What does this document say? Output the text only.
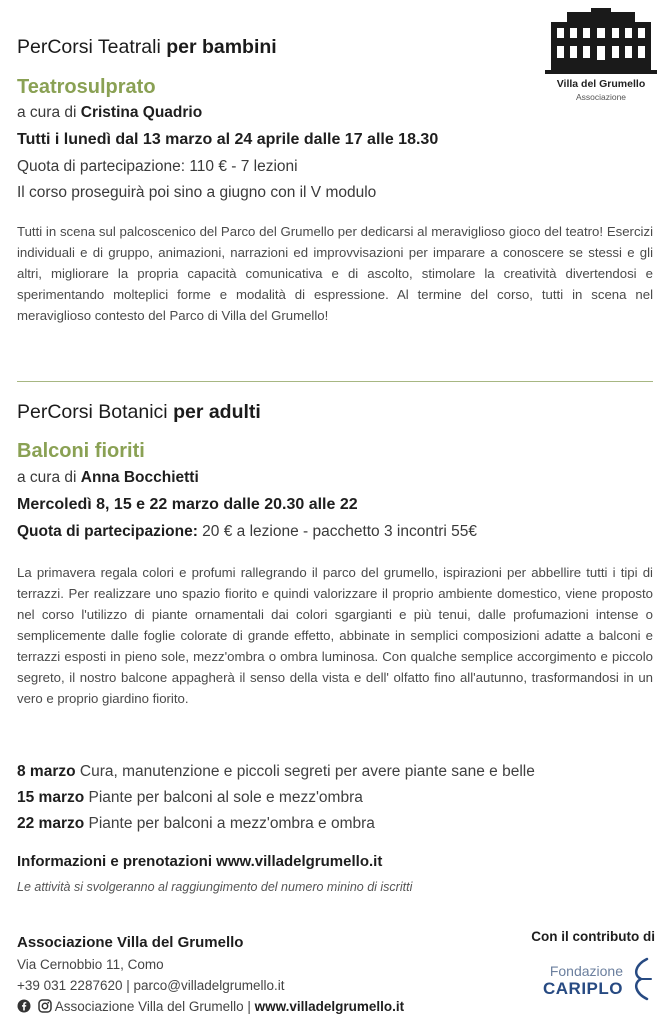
PerCorsi Teatrali per bambini
Villa del Grumello
Associazione
Teatrosulprato
a cura di Cristina Quadrio
Tutti i lunedì dal 13 marzo al 24 aprile dalle 17 alle 18.30
Quota di partecipazione: 110 € - 7 lezioni
Il corso proseguirà poi sino a giugno con il V modulo
Tutti in scena sul palcoscenico del Parco del Grumello per dedicarsi al meraviglioso gioco del teatro! Esercizi individuali e di gruppo, animazioni, narrazioni ed improvvisazioni per imparare a conoscere se stessi e gli altri, migliorare la propria capacità comunicativa e di ascolto, stimolare la creatività divertendosi e sperimentando molteplici forme e modalità di espressione. Al termine del corso, tutti in scena nel meraviglioso contesto del Parco di Villa del Grumello!
PerCorsi Botanici per adulti
Balconi fioriti
a cura di Anna Bocchietti
Mercoledì 8, 15 e 22 marzo dalle 20.30 alle 22
Quota di partecipazione: 20 € a lezione - pacchetto 3 incontri 55€
La primavera regala colori e profumi rallegrando il parco del grumello, ispirazioni per abbellire tutti i tipi di terrazzi. Per realizzare uno spazio fiorito e quindi valorizzare il proprio ambiente domestico, viene proposto nel corso l'utilizzo di piante ornamentali dai colori sgargianti e più tenui, dalle profumazioni intense o semplicemente dalle foglie colorate di grande effetto, abbinate in semplici composizioni adatte a balconi e terrazzi esposti in pieno sole, mezz'ombra o ombra luminosa. Con qualche semplice accorgimento e piccolo segreto, il nostro balcone appagherà il senso della vista e dell' olfatto fino all'autunno, trasformandosi in un vero e proprio giardino fiorito.
8 marzo Cura, manutenzione e piccoli segreti per avere piante sane e belle
15 marzo Piante per balconi al sole e mezz'ombra
22 marzo Piante per balconi a mezz'ombra e ombra
Informazioni e prenotazioni www.villadelgrumello.it
Le attività si svolgeranno al raggiungimento del numero minino di iscritti
Associazione Villa del Grumello
Via Cernobbio 11, Como
+39 031 2287620 | parco@villadelgrumello.it
Associazione Villa del Grumello | www.villadelgrumello.it
Con il contributo di
Fondazione
CARIPLO
